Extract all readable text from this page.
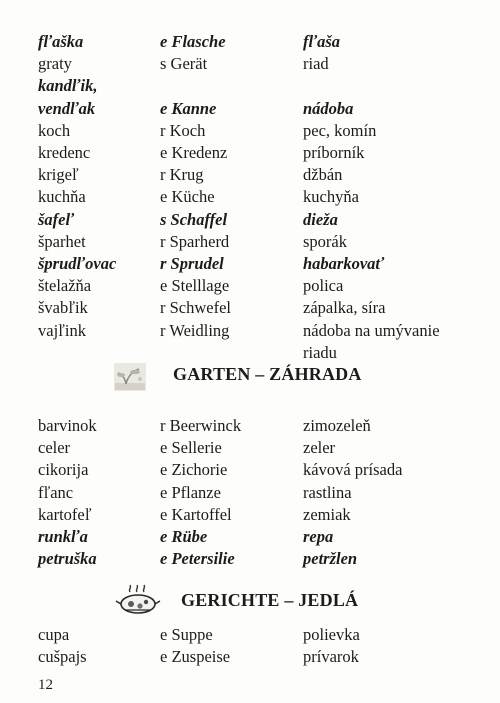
fľaška	e Flasche	fľaša
graty	s Gerät	riad
kandľik,
vendľak	e Kanne	nádoba
koch	r Koch	pec, komín
kredenc	e Kredenz	príborník
krigeľ	r Krug	džbán
kuchňa	e Küche	kuchyňa
šafeľ	s Schaffel	dieža
šparhet	r Sparherd	sporák
šprudľovac	r Sprudel	habarkovať
štelažňa	e Stelllage	polica
švabľik	r Schwefel	zápalka, síra
vajľink	r Weidling	nádoba na umývanie
riadu
GARTEN – ZÁHRADA
barvinok	r Beerwinck	zimozeleň
celer	e Sellerie	zeler
cikorija	e Zichorie	kávová prísada
fľanc	e Pflanze	rastlina
kartofeľ	e Kartoffel	zemiak
runkľa	e Rübe	repa
petruška	e Petersilie	petržlen
GERICHTE – JEDLÁ
cupa	e Suppe	polievka
cušpajs	e Zuspeise	prívarok
12
